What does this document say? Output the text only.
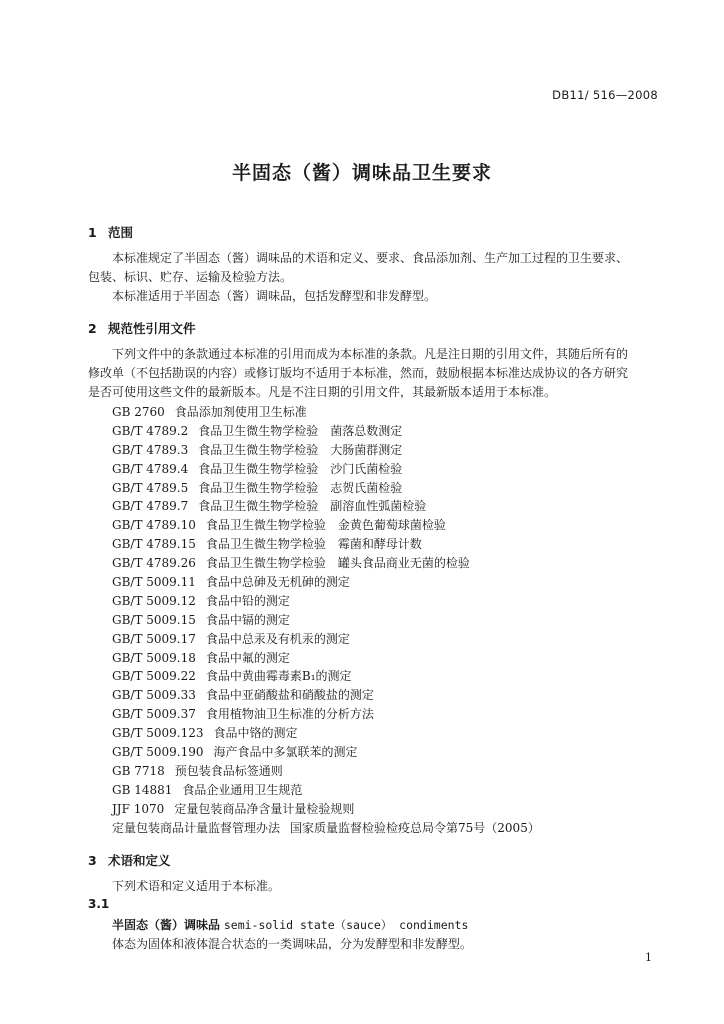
DB11/ 516—2008
半固态（酱）调味品卫生要求
1 范围
本标准规定了半固态（酱）调味品的术语和定义、要求、食品添加剂、生产加工过程的卫生要求、
包装、标识、贮存、运输及检验方法。
本标准适用于半固态（酱）调味品，包括发酵型和非发酵型。
2 规范性引用文件
下列文件中的条款通过本标准的引用而成为本标准的条款。凡是注日期的引用文件，其随后所有的
修改单（不包括勘误的内容）或修订版均不适用于本标准，然而，鼓励根据本标准达成协议的各方研究
是否可使用这些文件的最新版本。凡是不注日期的引用文件，其最新版本适用于本标准。
GB 2760 食品添加剂使用卫生标准
GB/T 4789.2 食品卫生微生物学检验　菌落总数测定
GB/T 4789.3 食品卫生微生物学检验　大肠菌群测定
GB/T 4789.4 食品卫生微生物学检验　沙门氏菌检验
GB/T 4789.5 食品卫生微生物学检验　志贺氏菌检验
GB/T 4789.7 食品卫生微生物学检验　副溶血性弧菌检验
GB/T 4789.10 食品卫生微生物学检验　金黄色葡萄球菌检验
GB/T 4789.15 食品卫生微生物学检验　霉菌和酵母计数
GB/T 4789.26 食品卫生微生物学检验　罐头食品商业无菌的检验
GB/T 5009.11 食品中总砷及无机砷的测定
GB/T 5009.12 食品中铅的测定
GB/T 5009.15 食品中镉的测定
GB/T 5009.17 食品中总汞及有机汞的测定
GB/T 5009.18 食品中氟的测定
GB/T 5009.22 食品中黄曲霉毒素B₁的测定
GB/T 5009.33 食品中亚硝酸盐和硝酸盐的测定
GB/T 5009.37 食用植物油卫生标准的分析方法
GB/T 5009.123 食品中铬的测定
GB/T 5009.190 海产食品中多氯联苯的测定
GB 7718 预包装食品标签通则
GB 14881 食品企业通用卫生规范
JJF 1070 定量包装商品净含量计量检验规则
定量包装商品计量监督管理办法 国家质量监督检验检疫总局令第75号（2005）
3 术语和定义
下列术语和定义适用于本标准。
3.1
半固态（酱）调味品 semi-solid state（sauce） condiments
体态为固体和液体混合状态的一类调味品，分为发酵型和非发酵型。
1
